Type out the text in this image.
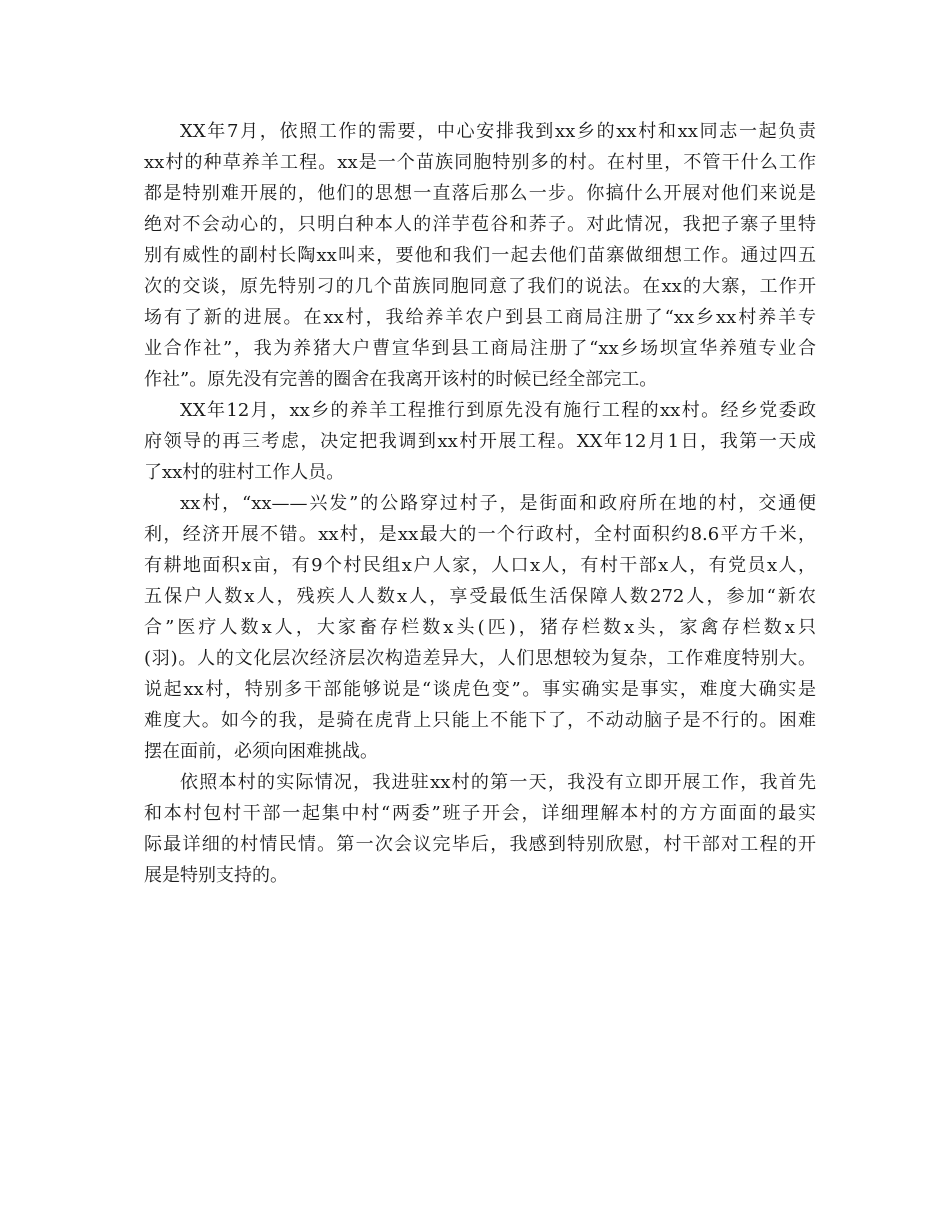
XX年7月，依照工作的需要，中心安排我到xx乡的xx村和xx同志一起负责
xx村的种草养羊工程。xx是一个苗族同胞特别多的村。在村里，不管干什么工作
都是特别难开展的，他们的思想一直落后那么一步。你搞什么开展对他们来说是
绝对不会动心的，只明白种本人的洋芋苞谷和荞子。对此情况，我把子寨子里特
别有威性的副村长陶xx叫来，要他和我们一起去他们苗寨做细想工作。通过四五
次的交谈，原先特别刁的几个苗族同胞同意了我们的说法。在xx的大寨，工作开
场有了新的进展。在xx村，我给养羊农户到县工商局注册了“xx乡xx村养羊专
业合作社”，我为养猪大户曹宣华到县工商局注册了“xx乡场坝宣华养殖专业合
作社”。原先没有完善的圈舍在我离开该村的时候已经全部完工。
XX年12月，xx乡的养羊工程推行到原先没有施行工程的xx村。经乡党委政
府领导的再三考虑，决定把我调到xx村开展工程。XX年12月1日，我第一天成
了xx村的驻村工作人员。
xx村，“xx——兴发”的公路穿过村子，是街面和政府所在地的村，交通便
利，经济开展不错。xx村，是xx最大的一个行政村，全村面积约8.6平方千米，
有耕地面积x亩，有9个村民组x户人家，人口x人，有村干部x人，有党员x人，
五保户人数x人，残疾人人数x人，享受最低生活保障人数272人，参加“新农
合”医疗人数x人，大家畜存栏数x头(匹)，猪存栏数x头，家禽存栏数x只
(羽)。人的文化层次经济层次构造差异大，人们思想较为复杂，工作难度特别大。
说起xx村，特别多干部能够说是“谈虎色变”。事实确实是事实，难度大确实是
难度大。如今的我，是骑在虎背上只能上不能下了，不动动脑子是不行的。困难
摆在面前，必须向困难挑战。
依照本村的实际情况，我进驻xx村的第一天，我没有立即开展工作，我首先
和本村包村干部一起集中村“两委”班子开会，详细理解本村的方方面面的最实
际最详细的村情民情。第一次会议完毕后，我感到特别欣慰，村干部对工程的开
展是特别支持的。
